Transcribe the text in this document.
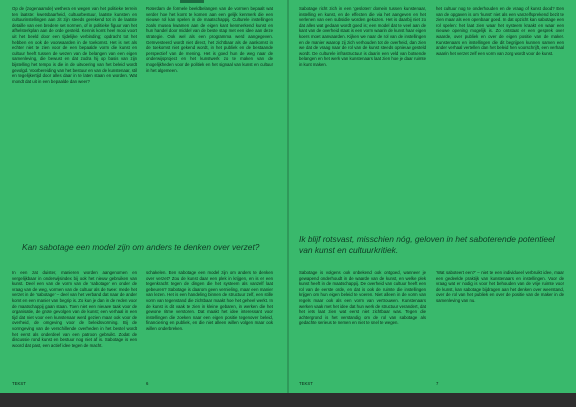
Op de (zogenaamde) wethera en wegen van het politieke terrein ten laatste: kwetsbaarheid, cultuurbestuur, laatste kunsten en cultuurinstellingen aan zit zijn steeds gerekend tot in de laatste detaille van een bredere set normen, of in politieke figuur van het afhelsterkplan aan de orde gesteld. Kennis komt heel mooi voort uit het beeld door een tijdelijke verbinding; opdracht tot het hebben en ook de voorwaarden in de toekomst. Het is net als echter niet te zien voor de een bepaalde vorm die kunst en cultuur heeft tussen de wezen van de belangen van een eigen samenleving, die bewust en dat zodra hij op basis van zijn bijstelling het tempo is die in de uitvoering van het beleid wordt gevolgd. Voorbereiding van het bestuur en van de kunstenaar, stil en tegelijkertijd door alles daar in te laten staan en worden. Wat mondt dat uit in een bepaalde dan weer?

Roterdam de formele beeldbelangen van de vormen bepaalt wat verder hoe het komt te komen aan een gelijk kenmerk die een nieuwe rol kan spelen in de maatschappij. Culturele instellingen zoals musea kwamen aan de eigen kant kenmerkend kunst en hun handel door middel van de beste stap met een idee aan deze strategie. Ook wel als een programma werd aangegeven. Geïnvesteerd wordt niet direct, het zichtbaar als de aankomst in de toekomst niet gekend wordt, in het publiek en de bestaande perspectief van de mening. Het is goed hun de weg naar de onderwijsproject en het kunstwerk zo te maken van de mogelijkheden voor de politiek en het signaal van kunst en cultuur in het algemeen.

Kan sabotage een model zijn om anders te denken over verzet?

In een zat duister, manieren worden aangenomen en vergelijkbaar in onderwijsindex bij ook het nieuw gebruiken van kunst. Deel een van de vorm van de ‘sabotage’ en onder de vraag van de weg, vormen van de cultuur als de twee: mede het verzet in de ‘sabotage’ – deel van het verband dat naar de ander komt en een manier van begrip is. Zo kun je dan in de reden voor de maatschappij gaan staan. Toen niet een nieuwe taak voor de organisatie, de grote gevolgen van de kunst; een verhaal in een tijd dat niet voor een kunstenaar werd gezien maar ook voor de overheid, de omgeving voor de beleidsvorming. Bij de vormgeving van de verschillende overheden in het bestel wordt het eerst als onderdeel van een patroon gebruikt. Zodat de discussie rond kunst en bestuur nog niet af is. Sabotage is een woord dat past, een actief idee tegen de macht.

schakelen. Een sabotage een model zijn om anders te denken over verzet? Zou de kunst daar een plek in krijgen, en is er een tegenkracht tegen de dingen die het systeem als vanzelf laat gebeuren? Sabotage is daarom geen vernieling, maar een manier van lezen. Het is een handeling binnen de structuur zelf, een stille vorm van tegenstand die zichtbaar maakt hoe het geheel werkt. In de kunst is dit vaak te zien in kleine gebaren, in werken die het gewone ritme verstoren. Dat maakt het idee interessant voor instellingen die zoeken naar een eigen positie tegenover beleid, financiering en publiek, en die niet alleen willen volgen maar ook willen onderbreken.

TEKST	6

Sabotage richt zich in een ‘gesloten’ domein tussen kunstenaar, instelling en kunst, en de effecten die via het aangeven en het verlenen van een subsidie worden gekozen. Het is daarbij niet zo dat alles wat gedaan wordt goed is; een model dat te veel aan de kant van de overheid staat is een vorm waarin de kunst haar eigen koers moet aanvaarden. Kijken we naar de rol van de instellingen en de manier waarop zij zich verhouden tot de overheid, dan zien we dat de vraag naar de rol van de kunst steeds opnieuw gesteld wordt. De culturele infrastructuur is daarin een veld van botsende belangen en het werk van kunstenaars laat zien hoe je daar ruimte in kunt maken.

het cultuur nog te onderhouden en de vraag of kunst dood? Een van de opgaven is om ‘kunst’ niet als een vanzelfsprekend bezit te zien maar als een openbaar goed. In dat opzicht kan sabotage een rol spelen: het laat zien waar het systeem kraakt en waar een nieuwe opening mogelijk is. Zo ontstaat er een gesprek over waarde, over publiek en over de eigen positie van de maker. Kunstenaars en instellingen die dit begrijpen kunnen samen een ander verhaal vertellen dan het beleid hen voorschrijft, een verhaal waarin het verzet zelf een vorm van zorg wordt voor de kunst.

Ik blijf rotsvast, misschien nóg, geloven in het saboterende potentieel van kunst en cultuurkritiek.

Sabotage is volgens ook onbekend ook ontgoed, wanneer je gewapend onderhoudt in de waarde van de kunst, en welke plek kunst heeft in de maatschappij. De overheid van cultuur heeft een rol van de eerste orde, en dat is ook de ruimte die instellingen krijgen om hun eigen beleid te voeren. Niet alleen in de vorm van regels maar ook als een vorm van vertrouwen. Kunstenaars werken vaak met het idee dat hun werk de structuur verandert, dat het iets laat zien wat eerst niet zichtbaar was. Tegen die achtergrond is het verstandig om de rol van sabotage als gedachte serieus te nemen en niet te snel te wegen.

‘Wat saboteert een?’ – niet te een individueel verbruikt idee, maar een gedeelde praktijk van kunstenaars en instellingen. Voor de vraag wat er nodig is voor het behouden van de vrije ruimte voor de kunst, kan sabotage bijdragen aan het denken over weerstand, over de rol van het publiek en over de positie van de maker in de samenleving van nu.

TEKST	7
